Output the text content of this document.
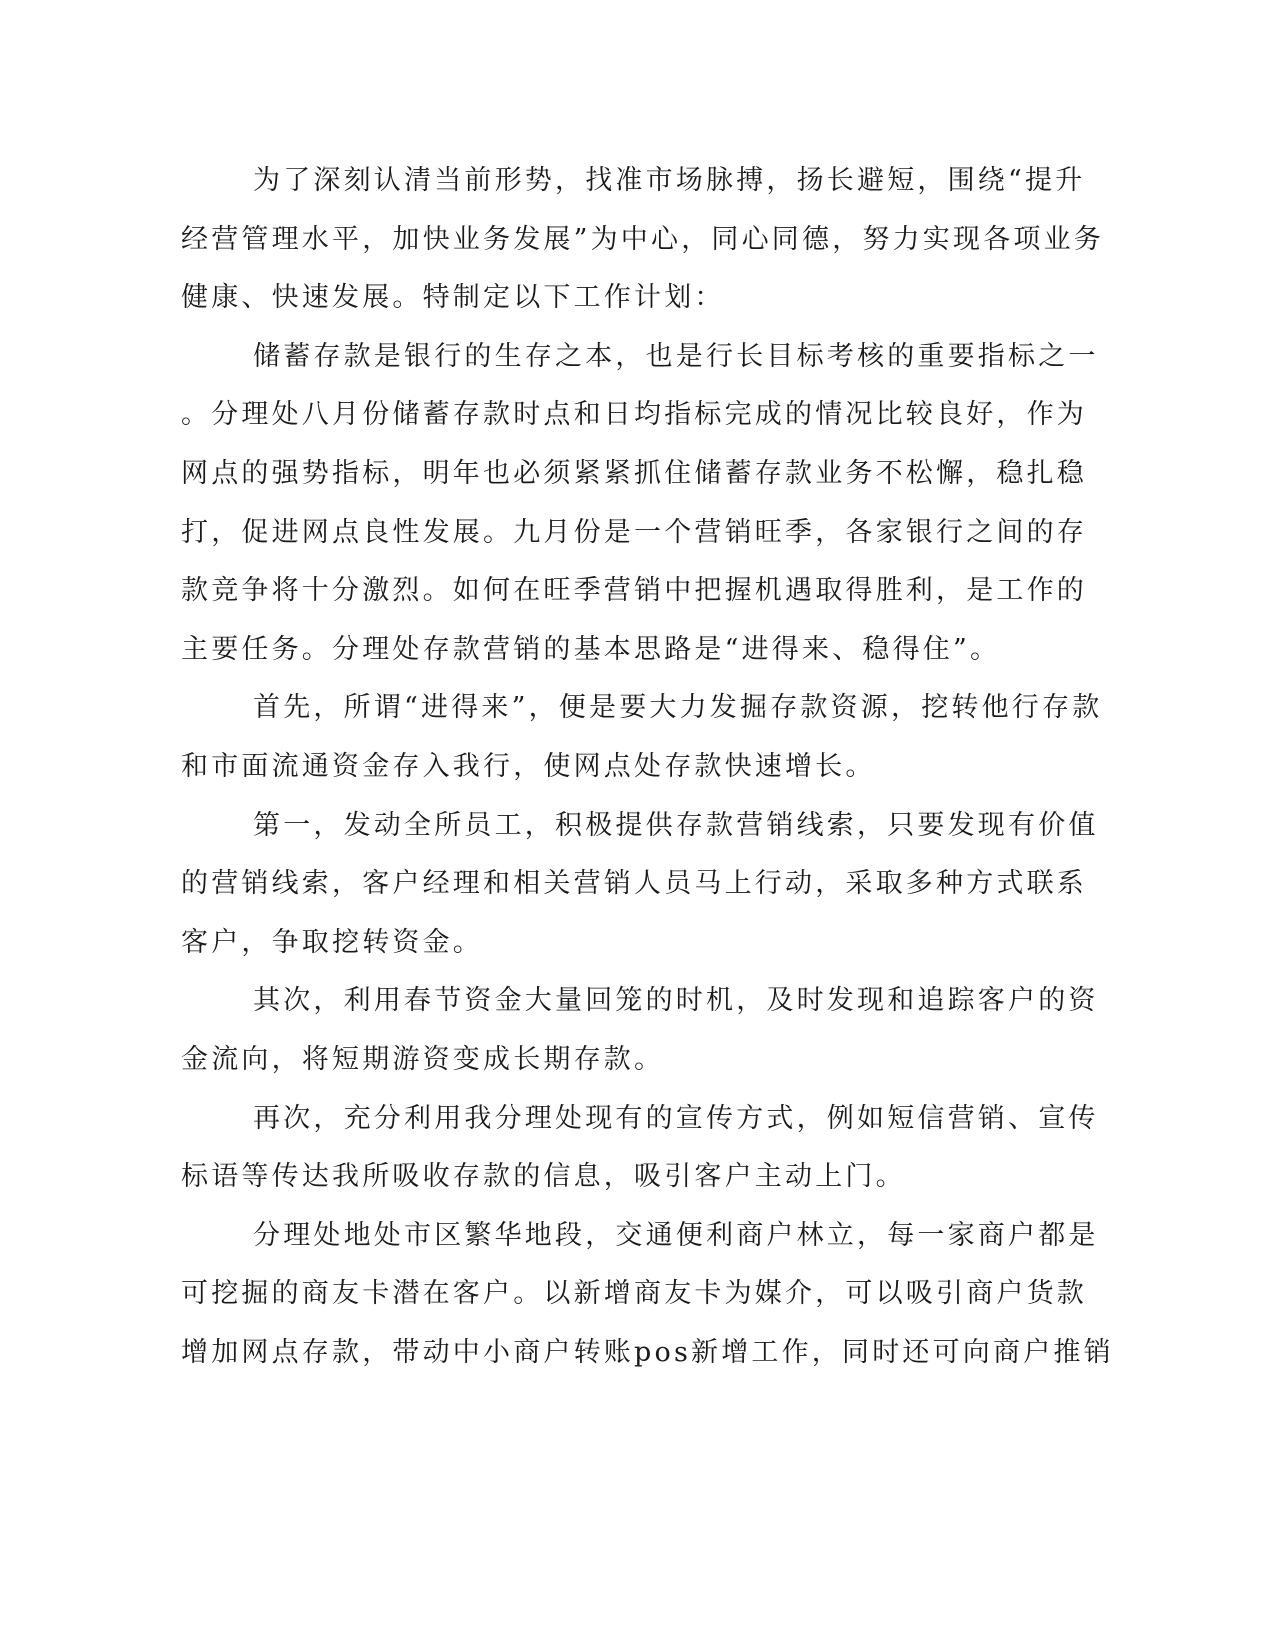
为了深刻认清当前形势，找准市场脉搏，扬长避短，围绕“提升
经营管理水平，加快业务发展”为中心，同心同德，努力实现各项业务
健康、快速发展。特制定以下工作计划：

储蓄存款是银行的生存之本，也是行长目标考核的重要指标之一
。分理处八月份储蓄存款时点和日均指标完成的情况比较良好，作为
网点的强势指标，明年也必须紧紧抓住储蓄存款业务不松懈，稳扎稳
打，促进网点良性发展。九月份是一个营销旺季，各家银行之间的存
款竞争将十分激烈。如何在旺季营销中把握机遇取得胜利，是工作的
主要任务。分理处存款营销的基本思路是“进得来、稳得住”。

首先，所谓“进得来”，便是要大力发掘存款资源，挖转他行存款
和市面流通资金存入我行，使网点处存款快速增长。

第一，发动全所员工，积极提供存款营销线索，只要发现有价值
的营销线索，客户经理和相关营销人员马上行动，采取多种方式联系
客户，争取挖转资金。

其次，利用春节资金大量回笼的时机，及时发现和追踪客户的资
金流向，将短期游资变成长期存款。

再次，充分利用我分理处现有的宣传方式，例如短信营销、宣传
标语等传达我所吸收存款的信息，吸引客户主动上门。

分理处地处市区繁华地段，交通便利商户林立，每一家商户都是
可挖掘的商友卡潜在客户。以新增商友卡为媒介，可以吸引商户货款
增加网点存款，带动中小商户转账pos新增工作，同时还可向商户推销
